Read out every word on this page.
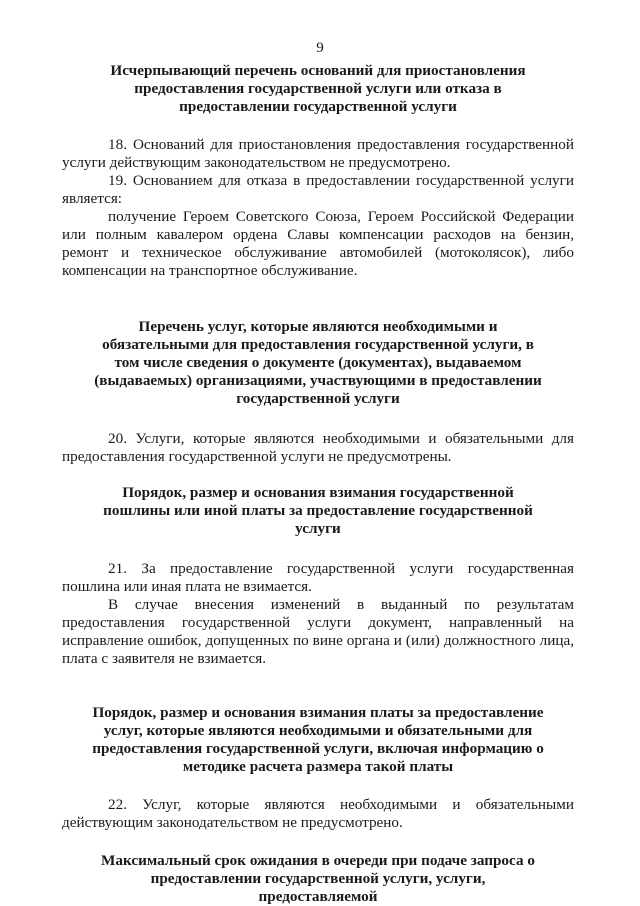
9
Исчерпывающий перечень оснований для приостановления предоставления государственной услуги или отказа в предоставлении государственной услуги

18. Оснований для приостановления предоставления государственной услуги действующим законодательством не предусмотрено.

19. Основанием для отказа в предоставлении государственной услуги является:

получение Героем Советского Союза, Героем Российской Федерации или полным кавалером ордена Славы компенсации расходов на бензин, ремонт и техническое обслуживание автомобилей (мотоколясок), либо компенсации на транспортное обслуживание.

Перечень услуг, которые являются необходимыми и обязательными для предоставления государственной услуги, в том числе сведения о документе (документах), выдаваемом (выдаваемых) организациями, участвующими в предоставлении государственной услуги

20. Услуги, которые являются необходимыми и обязательными для предоставления государственной услуги не предусмотрены.

Порядок, размер и основания взимания государственной пошлины или иной платы за предоставление государственной услуги

21. За предоставление государственной услуги государственная пошлина или иная плата не взимается.

В случае внесения изменений в выданный по результатам предоставления государственной услуги документ, направленный на исправление ошибок, допущенных по вине органа и (или) должностного лица, плата с заявителя не взимается.

Порядок, размер и основания взимания платы за предоставление услуг, которые являются необходимыми и обязательными для предоставления государственной услуги, включая информацию о методике расчета размера такой платы

22. Услуг, которые являются необходимыми и обязательными действующим законодательством не предусмотрено.

Максимальный срок ожидания в очереди при подаче запроса о предоставлении государственной услуги, услуги, предоставляемой
